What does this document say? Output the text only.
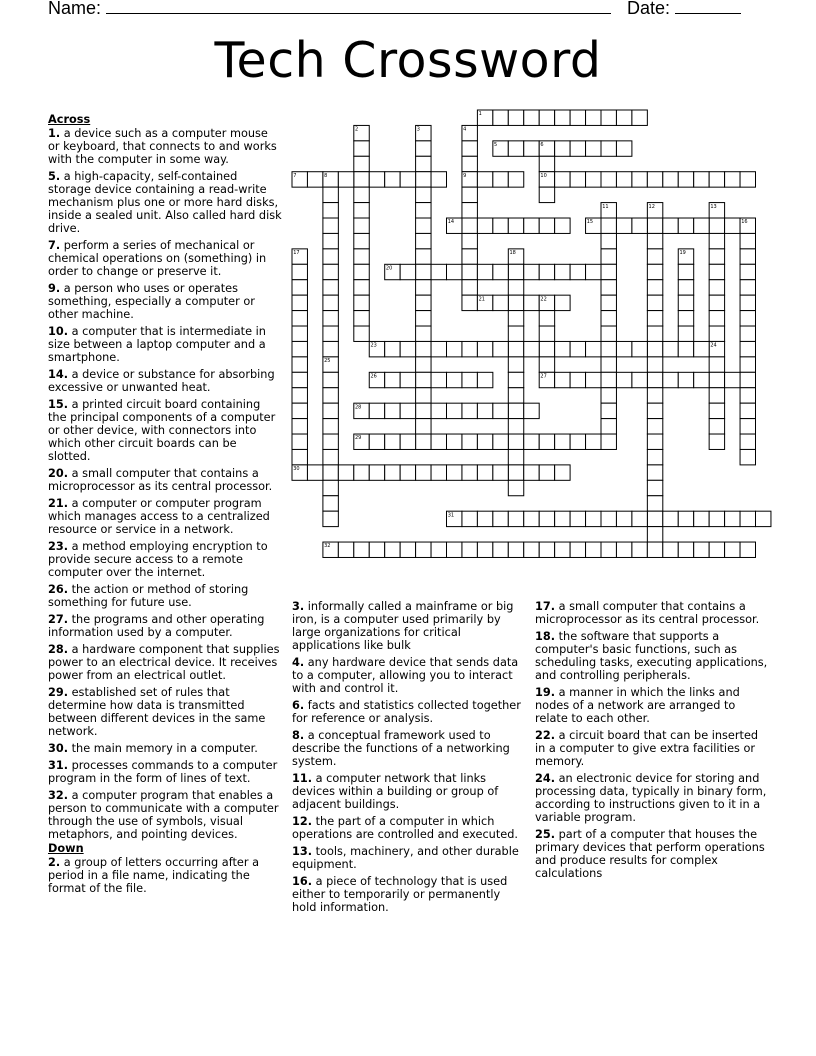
Name:	Date:
Tech Crossword
1
2	3	4
5	6
7	8	9	10
11	12	13
14	15	16
17	18	19
20
21	22
23	24
25
26	27
28
29
30
31
32
Across
1. a device such as a computer mouse or keyboard, that connects to and works with the computer in some way.
5. a high-capacity, self-contained storage device containing a read-write mechanism plus one or more hard disks, inside a sealed unit. Also called hard disk drive.
7. perform a series of mechanical or chemical operations on (something) in order to change or preserve it.
9. a person who uses or operates something, especially a computer or other machine.
10. a computer that is intermediate in size between a laptop computer and a smartphone.
14. a device or substance for absorbing excessive or unwanted heat.
15. a printed circuit board containing the principal components of a computer or other device, with connectors into which other circuit boards can be slotted.
20. a small computer that contains a microprocessor as its central processor.
21. a computer or computer program which manages access to a centralized resource or service in a network.
23. a method employing encryption to provide secure access to a remote computer over the internet.
26. the action or method of storing something for future use.
27. the programs and other operating information used by a computer.
28. a hardware component that supplies power to an electrical device. It receives power from an electrical outlet.
29. established set of rules that determine how data is transmitted between different devices in the same network.
30. the main memory in a computer.
31. processes commands to a computer program in the form of lines of text.
32. a computer program that enables a person to communicate with a computer through the use of symbols, visual metaphors, and pointing devices.
Down
2. a group of letters occurring after a period in a file name, indicating the format of the file.
3. informally called a mainframe or big iron, is a computer used primarily by large organizations for critical applications like bulk
4. any hardware device that sends data to a computer, allowing you to interact with and control it.
6. facts and statistics collected together for reference or analysis.
8. a conceptual framework used to describe the functions of a networking system.
11. a computer network that links devices within a building or group of adjacent buildings.
12. the part of a computer in which operations are controlled and executed.
13. tools, machinery, and other durable equipment.
16. a piece of technology that is used either to temporarily or permanently hold information.
17. a small computer that contains a microprocessor as its central processor.
18. the software that supports a computer's basic functions, such as scheduling tasks, executing applications, and controlling peripherals.
19. a manner in which the links and nodes of a network are arranged to relate to each other.
22. a circuit board that can be inserted in a computer to give extra facilities or memory.
24. an electronic device for storing and processing data, typically in binary form, according to instructions given to it in a variable program.
25. part of a computer that houses the primary devices that perform operations and produce results for complex calculations
